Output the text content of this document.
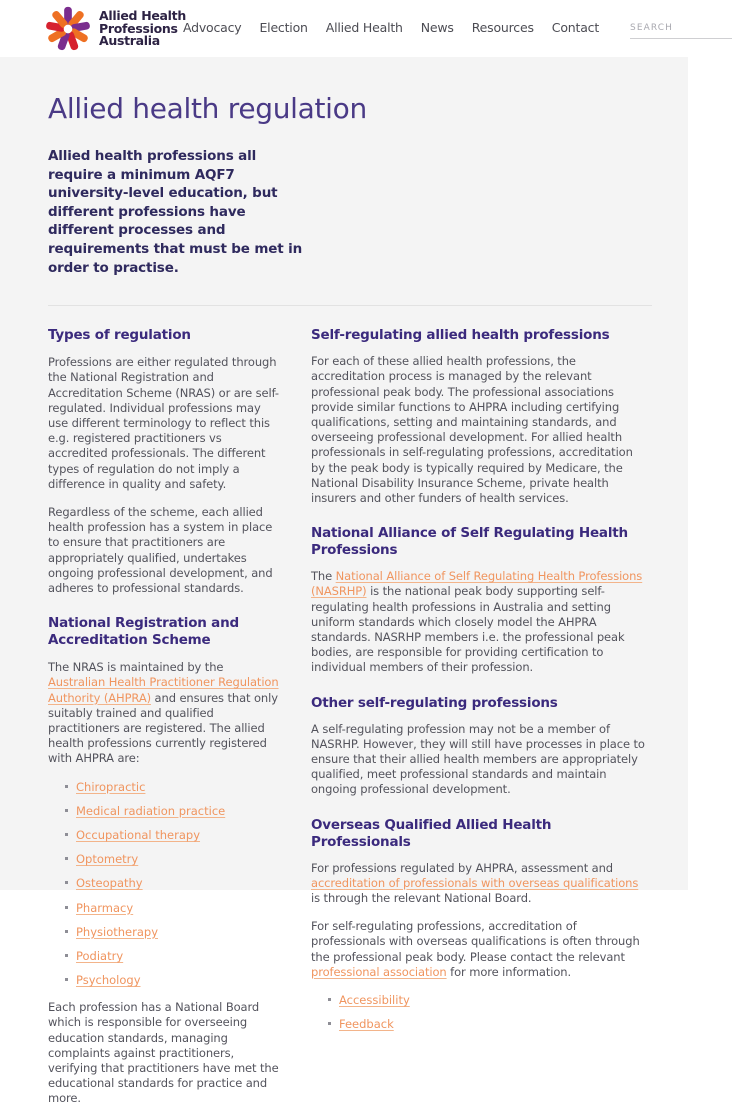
Allied Health
Professions
Australia
Advocacy	Election	Allied Health	News	Resources	Contact
SEARCH
Allied health regulation

Allied health professions all require a minimum AQF7 university-level education, but different professions have different processes and requirements that must be met in order to practise.

Types of regulation

Professions are either regulated through the National Registration and Accreditation Scheme (NRAS) or are self-regulated. Individual professions may use different terminology to reflect this e.g. registered practitioners vs accredited professionals. The different types of regulation do not imply a difference in quality and safety.

Regardless of the scheme, each allied health profession has a system in place to ensure that practitioners are appropriately qualified, undertakes ongoing professional development, and adheres to professional standards.

National Registration and Accreditation Scheme

The NRAS is maintained by the Australian Health Practitioner Regulation Authority (AHPRA) and ensures that only suitably trained and qualified practitioners are registered. The allied health professions currently registered with AHPRA are:

Chiropractic
Medical radiation practice
Occupational therapy
Optometry
Osteopathy
Pharmacy
Physiotherapy
Podiatry
Psychology

Each profession has a National Board which is responsible for overseeing education standards, managing complaints against practitioners, verifying that practitioners have met the educational standards for practice and more.

Self-regulating allied health professions

For each of these allied health professions, the accreditation process is managed by the relevant professional peak body. The professional associations provide similar functions to AHPRA including certifying qualifications, setting and maintaining standards, and overseeing professional development. For allied health professionals in self-regulating professions, accreditation by the peak body is typically required by Medicare, the National Disability Insurance Scheme, private health insurers and other funders of health services.

National Alliance of Self Regulating Health Professions

The National Alliance of Self Regulating Health Professions (NASRHP) is the national peak body supporting self-regulating health professions in Australia and setting uniform standards which closely model the AHPRA standards. NASRHP members i.e. the professional peak bodies, are responsible for providing certification to individual members of their profession.

Other self-regulating professions

A self-regulating profession may not be a member of NASRHP. However, they will still have processes in place to ensure that their allied health members are appropriately qualified, meet professional standards and maintain ongoing professional development.

Overseas Qualified Allied Health Professionals

For professions regulated by AHPRA, assessment and accreditation of professionals with overseas qualifications is through the relevant National Board.

For self-regulating professions, accreditation of professionals with overseas qualifications is often through the professional peak body. Please contact the relevant professional association for more information.

Accessibility
Feedback
